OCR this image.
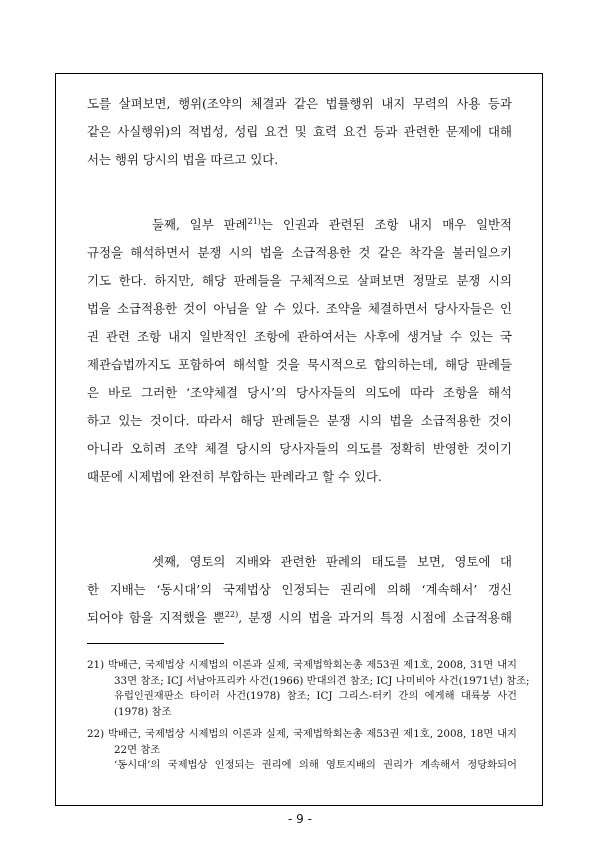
도를 살펴보면, 행위(조약의 체결과 같은 법률행위 내지 무력의 사용 등과
같은 사실행위)의 적법성, 성립 요건 및 효력 요건 등과 관련한 문제에 대해
서는 행위 당시의 법을 따르고 있다.
둘째, 일부 판례$^{21)}$는 인권과 관련된 조항 내지 매우 일반적
규정을 해석하면서 분쟁 시의 법을 소급적용한 것 같은 착각을 불러일으키
기도 한다. 하지만, 해당 판례들을 구체적으로 살펴보면 정말로 분쟁 시의
법을 소급적용한 것이 아님을 알 수 있다. 조약을 체결하면서 당사자들은 인
권 관련 조항 내지 일반적인 조항에 관하여서는 사후에 생겨날 수 있는 국
제관습법까지도 포함하여 해석할 것을 묵시적으로 합의하는데, 해당 판례들
은 바로 그러한 ‘조약체결 당시’의 당사자들의 의도에 따라 조항을 해석
하고 있는 것이다. 따라서 해당 판례들은 분쟁 시의 법을 소급적용한 것이
아니라 오히려 조약 체결 당시의 당사자들의 의도를 정확히 반영한 것이기
때문에 시제법에 완전히 부합하는 판례라고 할 수 있다.
셋째, 영토의 지배와 관련한 판례의 태도를 보면, 영토에 대
한 지배는 ‘동시대’의 국제법상 인정되는 권리에 의해 ‘계속해서’ 갱신
되어야 함을 지적했을 뿐$^{22)}$, 분쟁 시의 법을 과거의 특정 시점에 소급적용해
21) 박배근, 국제법상 시제법의 이론과 실제, 국제법학회논총 제53권 제1호, 2008, 31면 내지
33면 참조; ICJ 서남아프리카 사건(1966) 반대의견 참조; ICJ 나미비아 사건(1971년) 참조;
유럽인권재판소 타이러 사건(1978) 참조; ICJ 그리스-터키 간의 에게해 대륙붕 사건
(1978) 참조
22) 박배근, 국제법상 시제법의 이론과 실제, 국제법학회논총 제53권 제1호, 2008, 18면 내지
22면 참조
‘동시대’의 국제법상 인정되는 권리에 의해 영토지배의 권리가 계속해서 정당화되어
- 9 -
